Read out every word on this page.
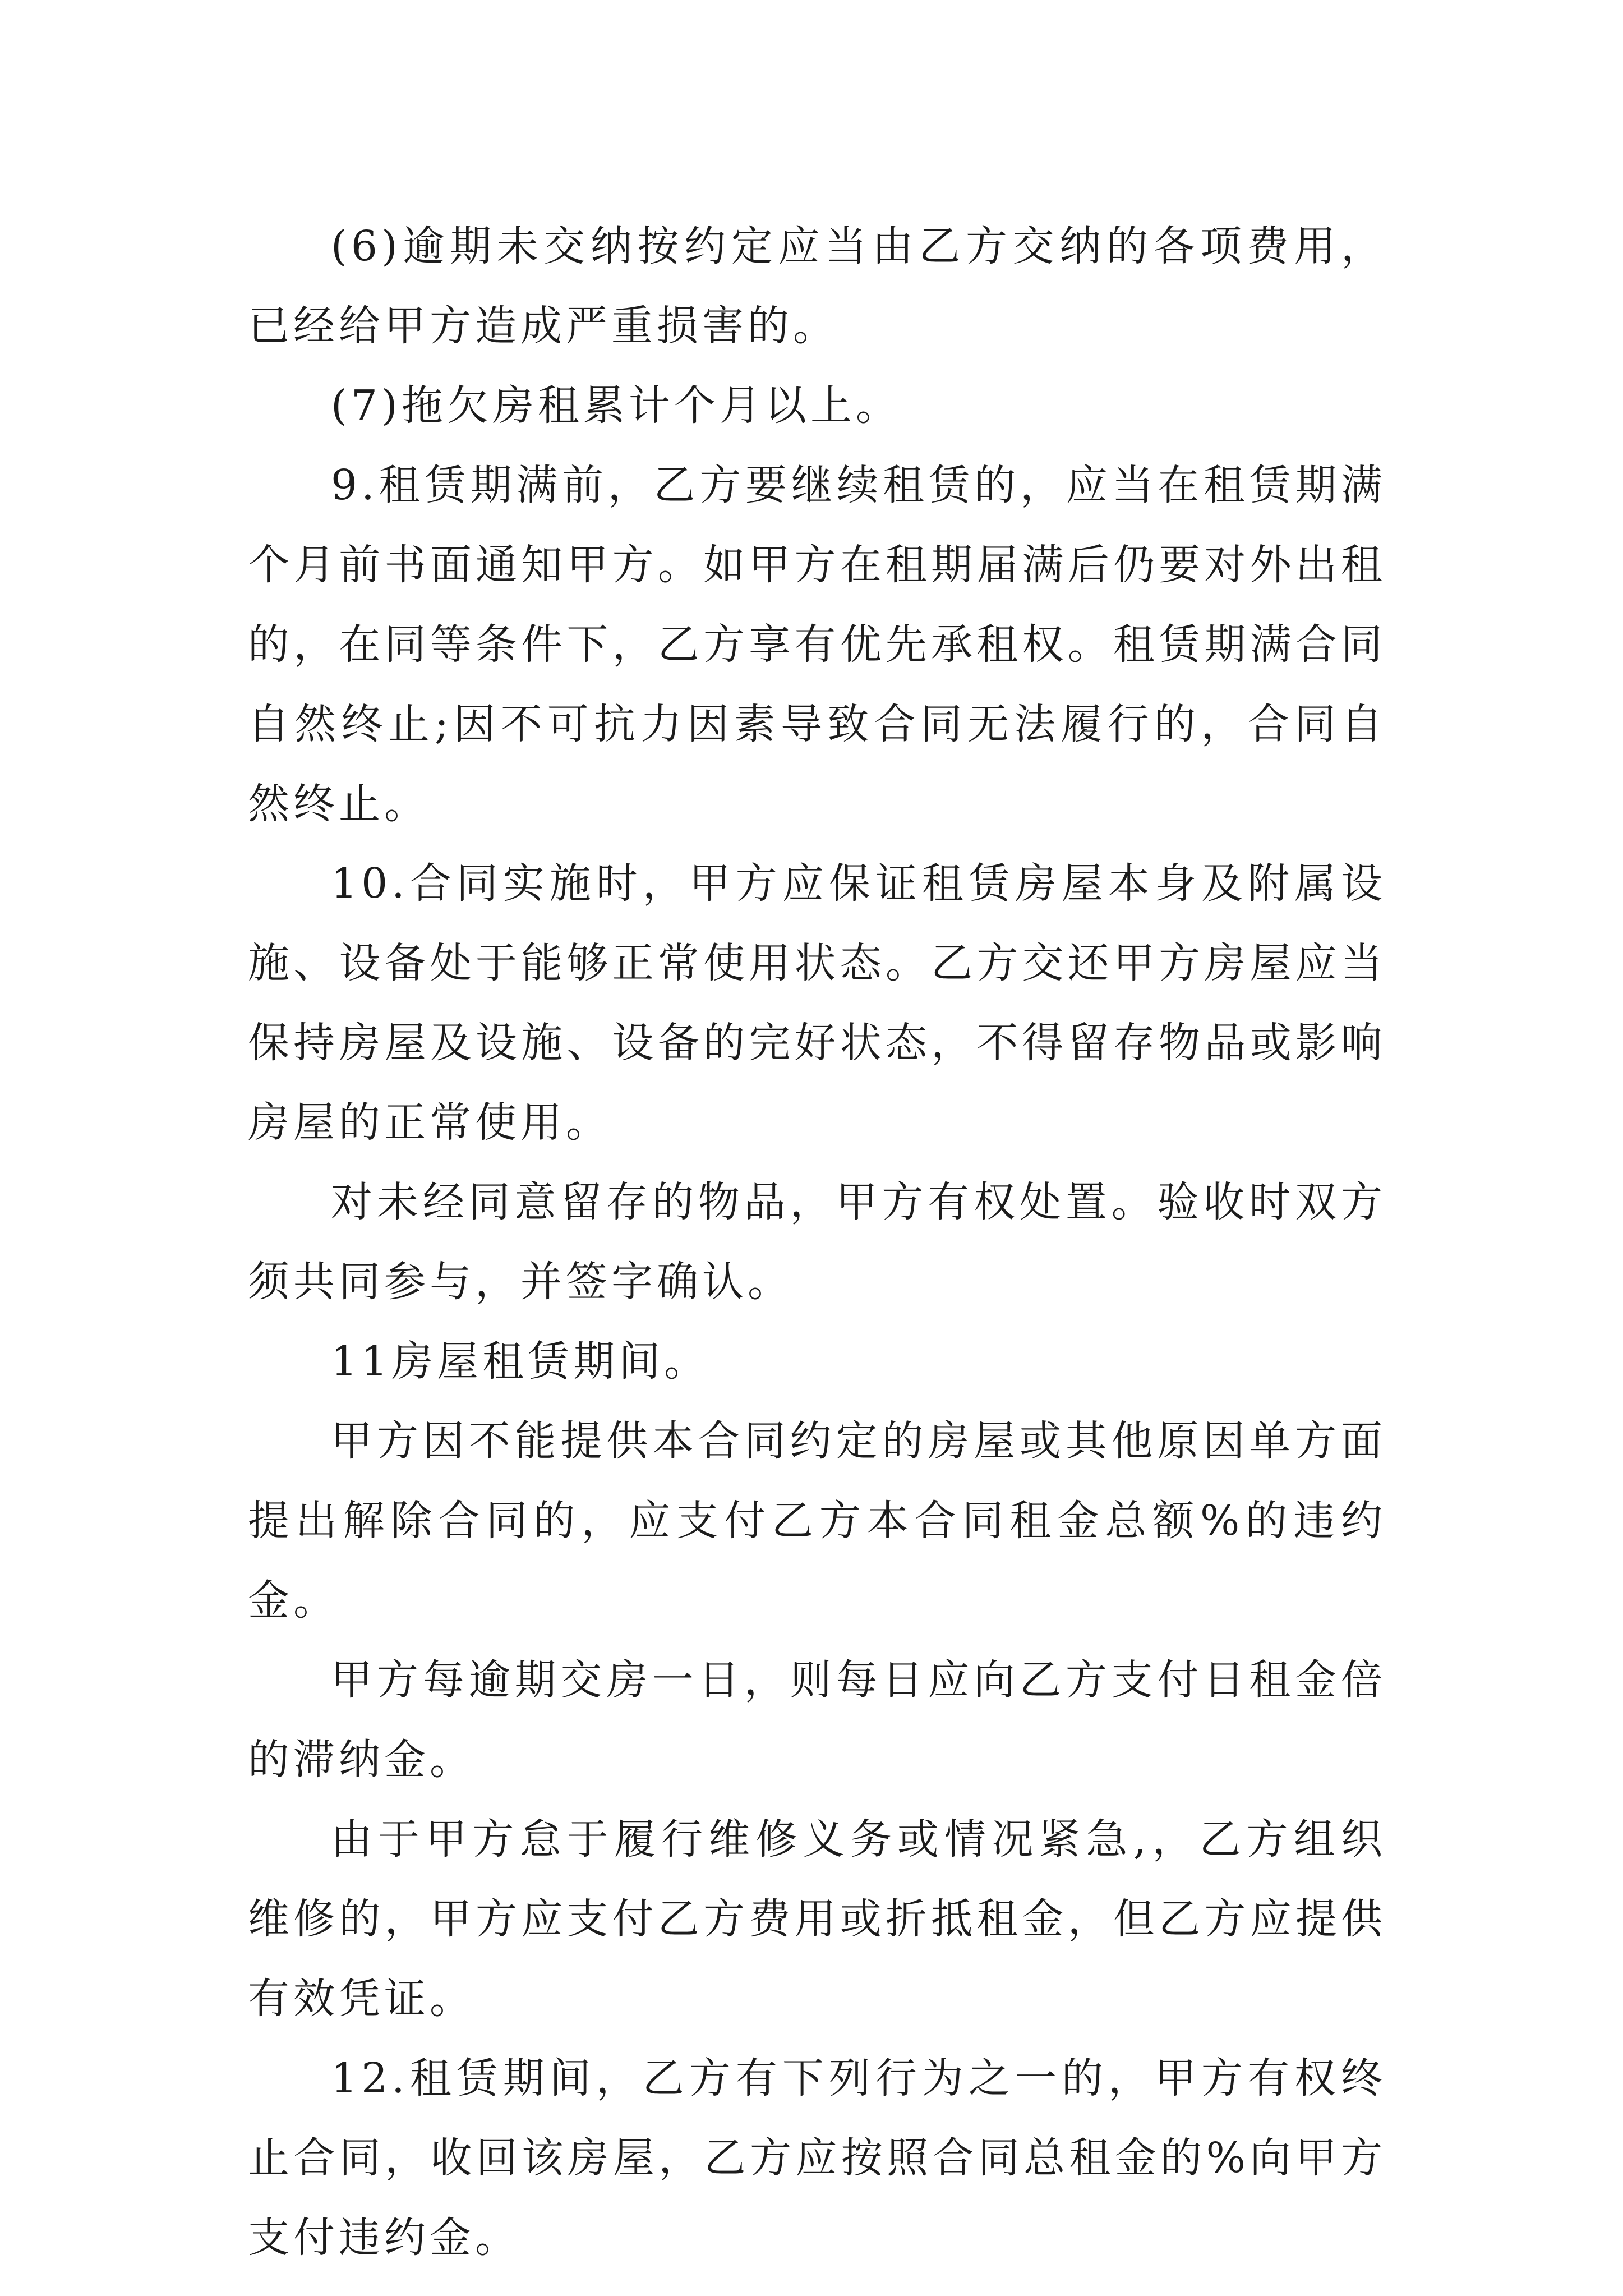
(6)逾期未交纳按约定应当由乙方交纳的各项费用，已经给甲方造成严重损害的。

(7)拖欠房租累计个月以上。

9.租赁期满前，乙方要继续租赁的，应当在租赁期满个月前书面通知甲方。如甲方在租期届满后仍要对外出租的，在同等条件下，乙方享有优先承租权。租赁期满合同自然终止;因不可抗力因素导致合同无法履行的，合同自然终止。

10.合同实施时，甲方应保证租赁房屋本身及附属设施、设备处于能够正常使用状态。乙方交还甲方房屋应当保持房屋及设施、设备的完好状态，不得留存物品或影响房屋的正常使用。

对未经同意留存的物品，甲方有权处置。验收时双方须共同参与，并签字确认。

11房屋租赁期间。

甲方因不能提供本合同约定的房屋或其他原因单方面提出解除合同的，应支付乙方本合同租金总额%的违约金。

甲方每逾期交房一日，则每日应向乙方支付日租金倍的滞纳金。

由于甲方怠于履行维修义务或情况紧急,，乙方组织维修的，甲方应支付乙方费用或折抵租金，但乙方应提供有效凭证。

12.租赁期间，乙方有下列行为之一的，甲方有权终止合同，收回该房屋，乙方应按照合同总租金的%向甲方支付违约金。
